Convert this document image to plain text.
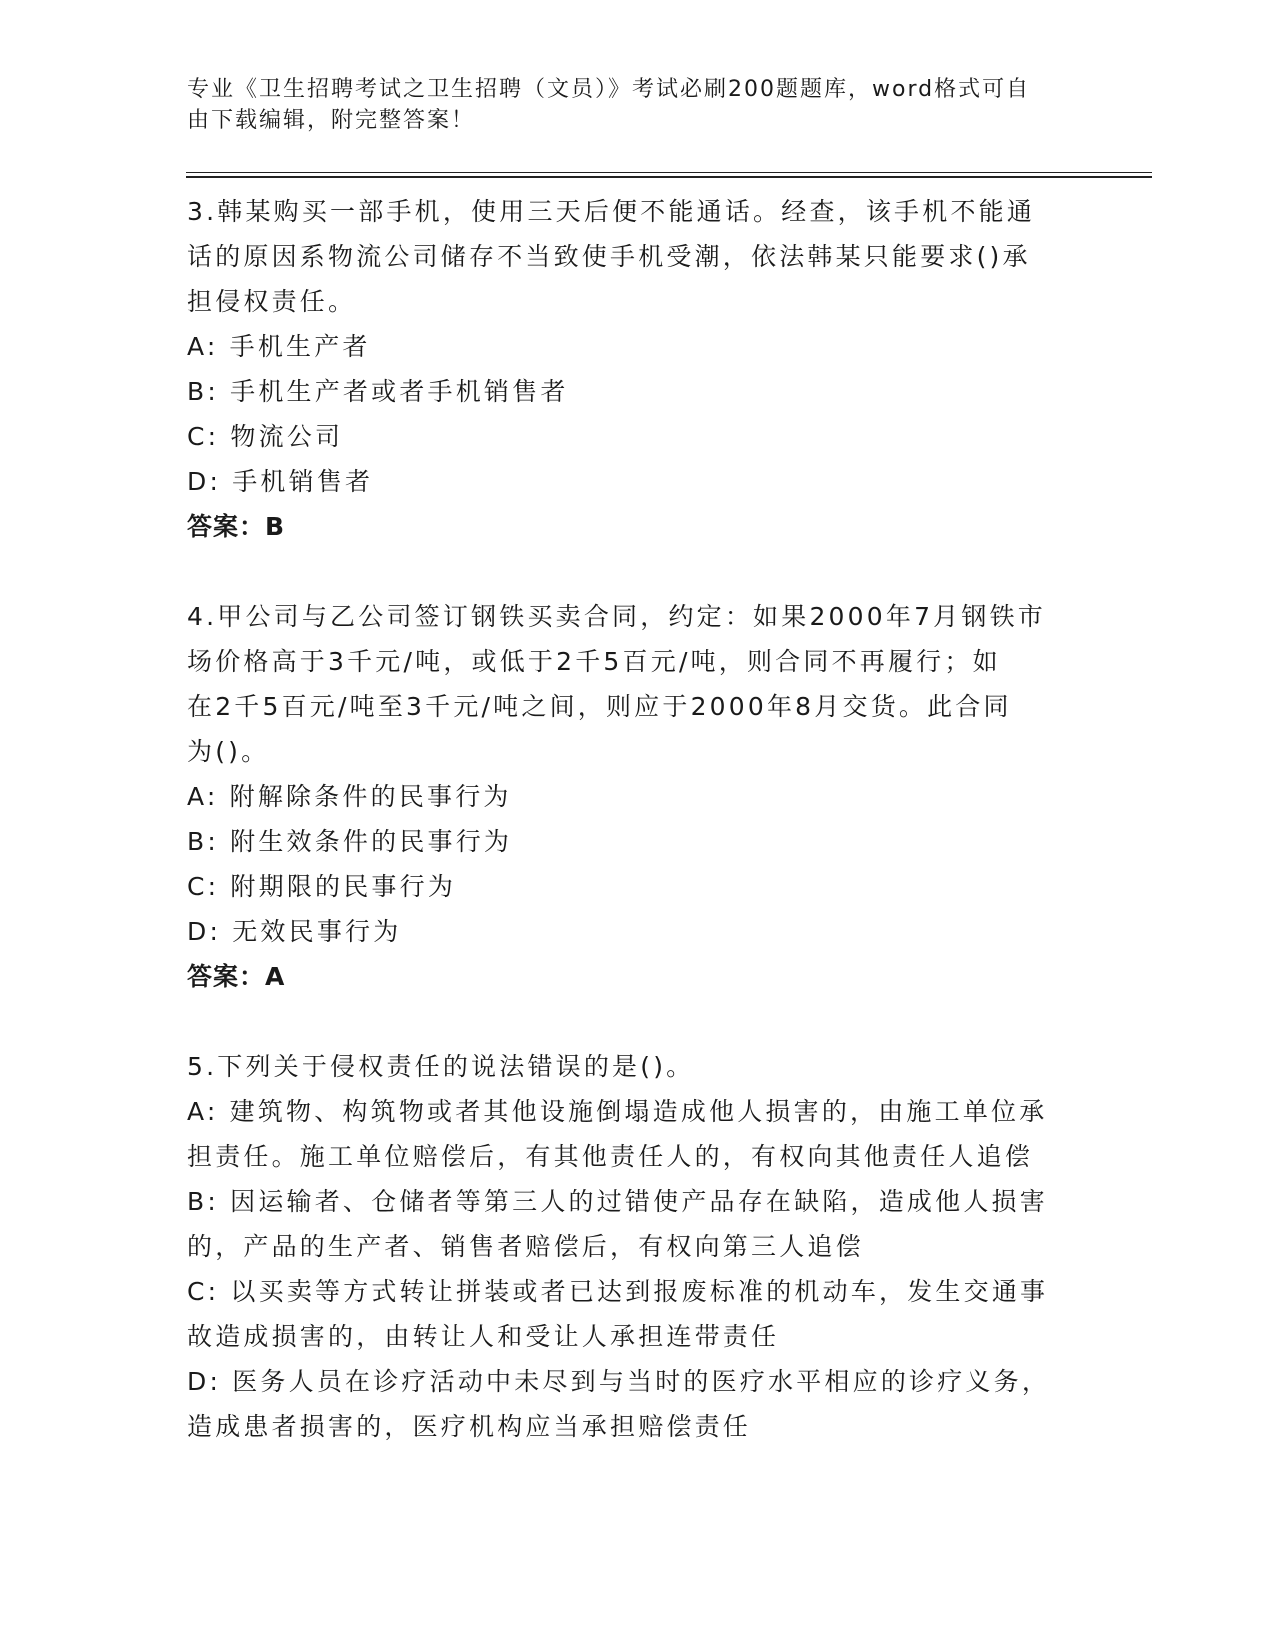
专业《卫生招聘考试之卫生招聘（文员）》考试必刷200题题库，word格式可自
由下载编辑，附完整答案！
3.韩某购买一部手机，使用三天后便不能通话。经查，该手机不能通
话的原因系物流公司储存不当致使手机受潮，依法韩某只能要求()承
担侵权责任。
A: 手机生产者
B: 手机生产者或者手机销售者
C: 物流公司
D: 手机销售者
答案：B
4.甲公司与乙公司签订钢铁买卖合同，约定：如果2000年7月钢铁市
场价格高于3千元/吨，或低于2千5百元/吨，则合同不再履行；如
在2千5百元/吨至3千元/吨之间，则应于2000年8月交货。此合同
为()。
A: 附解除条件的民事行为
B: 附生效条件的民事行为
C: 附期限的民事行为
D: 无效民事行为
答案：A
5.下列关于侵权责任的说法错误的是()。
A: 建筑物、构筑物或者其他设施倒塌造成他人损害的，由施工单位承
担责任。施工单位赔偿后，有其他责任人的，有权向其他责任人追偿
B: 因运输者、仓储者等第三人的过错使产品存在缺陷，造成他人损害
的，产品的生产者、销售者赔偿后，有权向第三人追偿
C: 以买卖等方式转让拼装或者已达到报废标准的机动车，发生交通事
故造成损害的，由转让人和受让人承担连带责任
D: 医务人员在诊疗活动中未尽到与当时的医疗水平相应的诊疗义务，
造成患者损害的，医疗机构应当承担赔偿责任
